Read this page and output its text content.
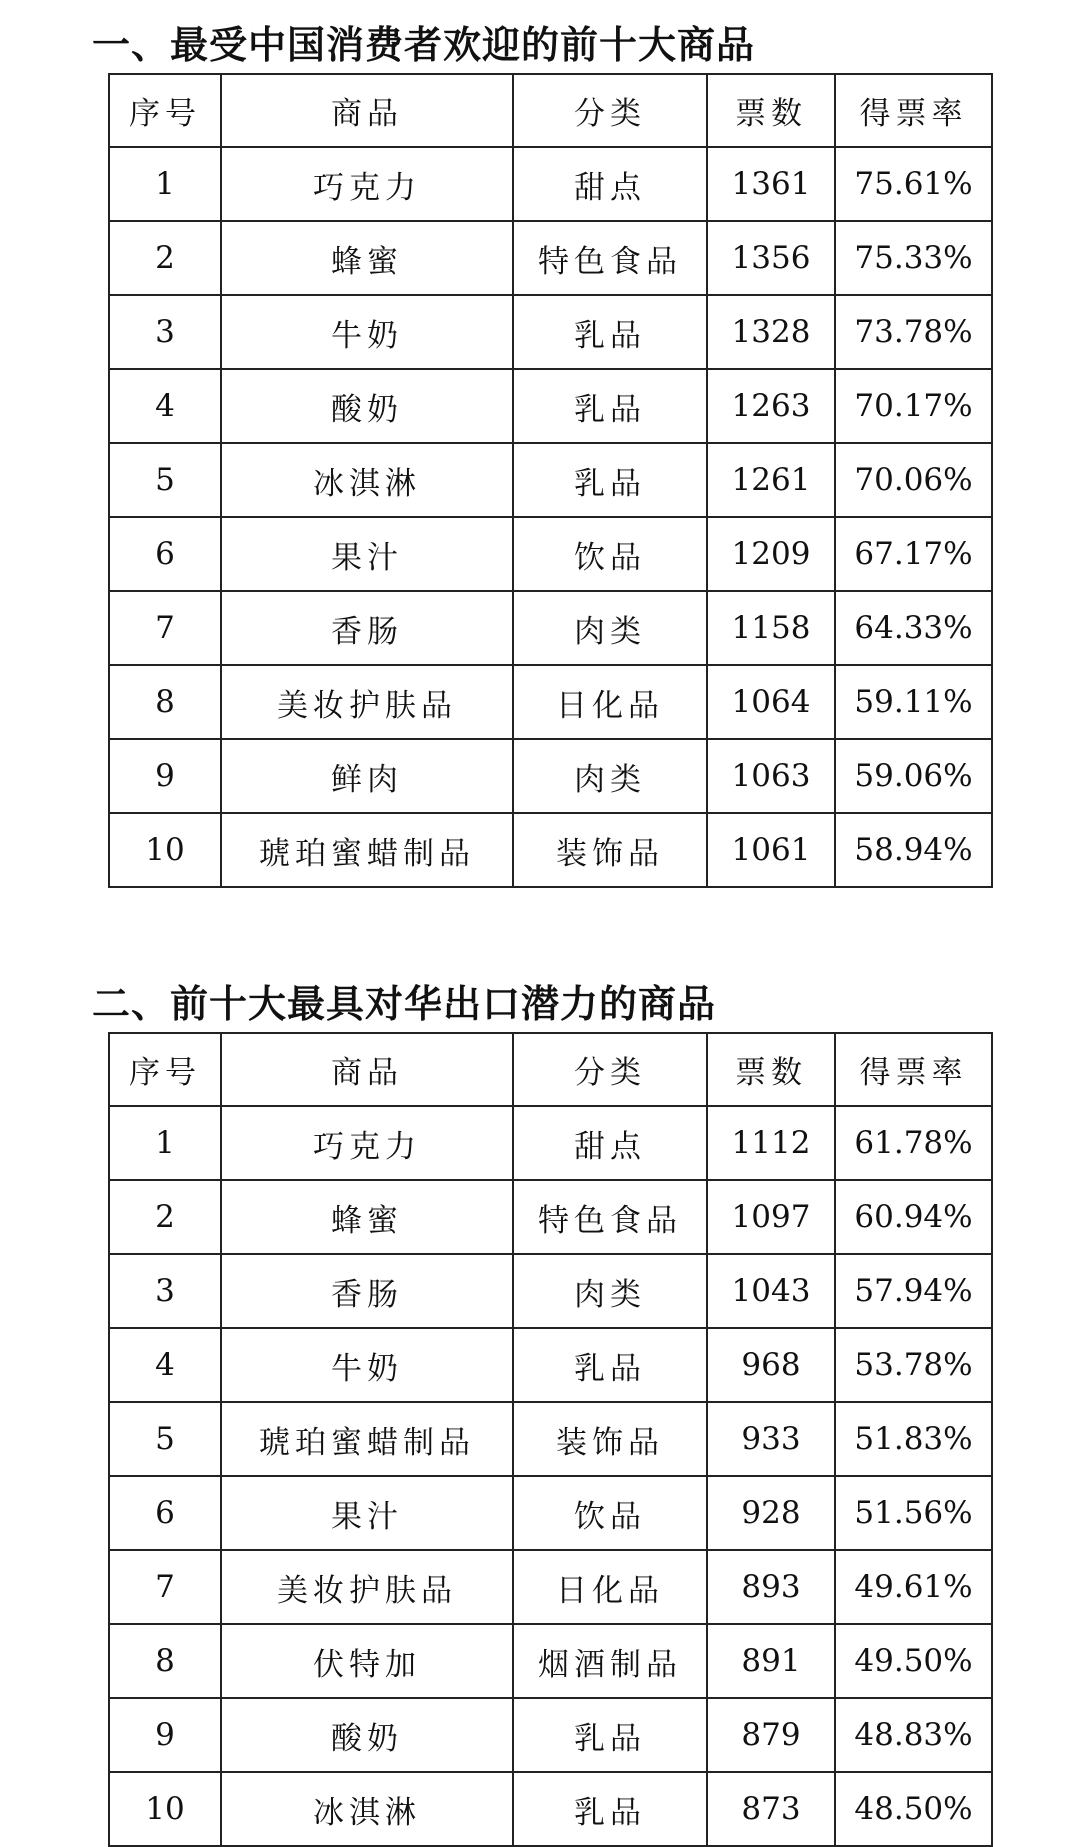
一、最受中国消费者欢迎的前十大商品
序号	商品	分类	票数	得票率
1	巧克力	甜点	1361	75.61%
2	蜂蜜	特色食品	1356	75.33%
3	牛奶	乳品	1328	73.78%
4	酸奶	乳品	1263	70.17%
5	冰淇淋	乳品	1261	70.06%
6	果汁	饮品	1209	67.17%
7	香肠	肉类	1158	64.33%
8	美妆护肤品	日化品	1064	59.11%
9	鲜肉	肉类	1063	59.06%
10	琥珀蜜蜡制品	装饰品	1061	58.94%
二、前十大最具对华出口潜力的商品
序号	商品	分类	票数	得票率
1	巧克力	甜点	1112	61.78%
2	蜂蜜	特色食品	1097	60.94%
3	香肠	肉类	1043	57.94%
4	牛奶	乳品	968	53.78%
5	琥珀蜜蜡制品	装饰品	933	51.83%
6	果汁	饮品	928	51.56%
7	美妆护肤品	日化品	893	49.61%
8	伏特加	烟酒制品	891	49.50%
9	酸奶	乳品	879	48.83%
10	冰淇淋	乳品	873	48.50%
